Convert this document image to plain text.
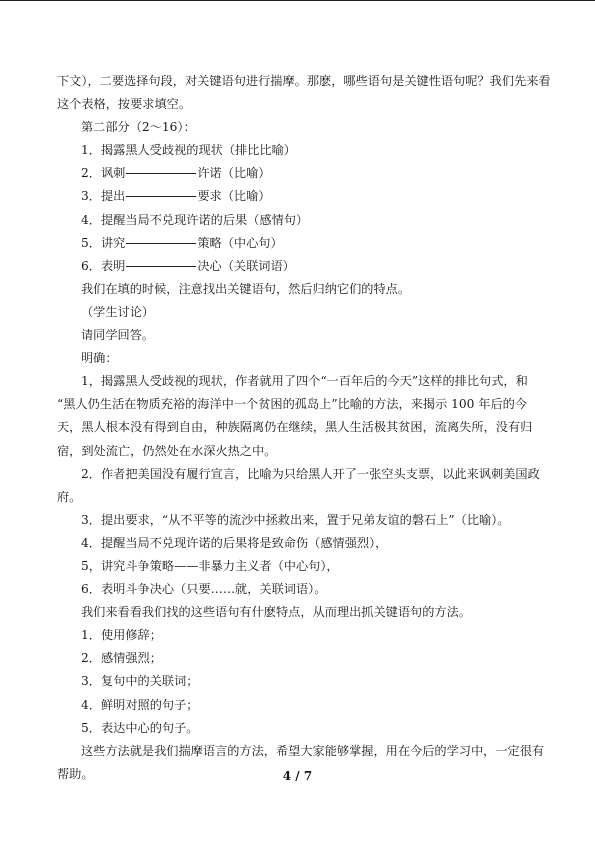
下文），二要选择句段，对关键语句进行揣摩。那麽，哪些语句是关键性语句呢？我们先来看
这个表格，按要求填空。
第二部分（2～16）：
1．揭露黑人受歧视的现状（排比比喻）
2．讽刺	许诺（比喻）
3．提出	要求（比喻）
4．提醒当局不兑现许诺的后果（感情句）
5．讲究	策略（中心句）
6．表明	决心（关联词语）
我们在填的时候，注意找出关键语句，然后归纳它们的特点。
（学生讨论）
请同学回答。
明确：
1，揭露黑人受歧视的现状，作者就用了四个“一百年后的今天”这样的排比句式，和
“黑人仍生活在物质充裕的海洋中一个贫困的孤岛上”比喻的方法，来揭示 100 年后的今
天，黑人根本没有得到自由，种族隔离仍在继续，黑人生活极其贫困，流离失所，没有归
宿，到处流亡，仍然处在水深火热之中。
2．作者把美国没有履行宣言，比喻为只给黑人开了一张空头支票，以此来讽刺美国政
府。
3．提出要求，“从不平等的流沙中拯救出来，置于兄弟友谊的磐石上”（比喻）。
4．提醒当局不兑现许诺的后果将是致命伤（感情强烈），
5，讲究斗争策略——非暴力主义者（中心句），
6．表明斗争决心（只要……就，关联词语）。
我们来看看我们找的这些语句有什麽特点，从而理出抓关键语句的方法。
1．使用修辞；
2．感情强烈；
3．复句中的关联词；
4．鲜明对照的句子；
5．表达中心的句子。
这些方法就是我们揣摩语言的方法，希望大家能够掌握，用在今后的学习中，一定很有
帮助。	4 / 7
